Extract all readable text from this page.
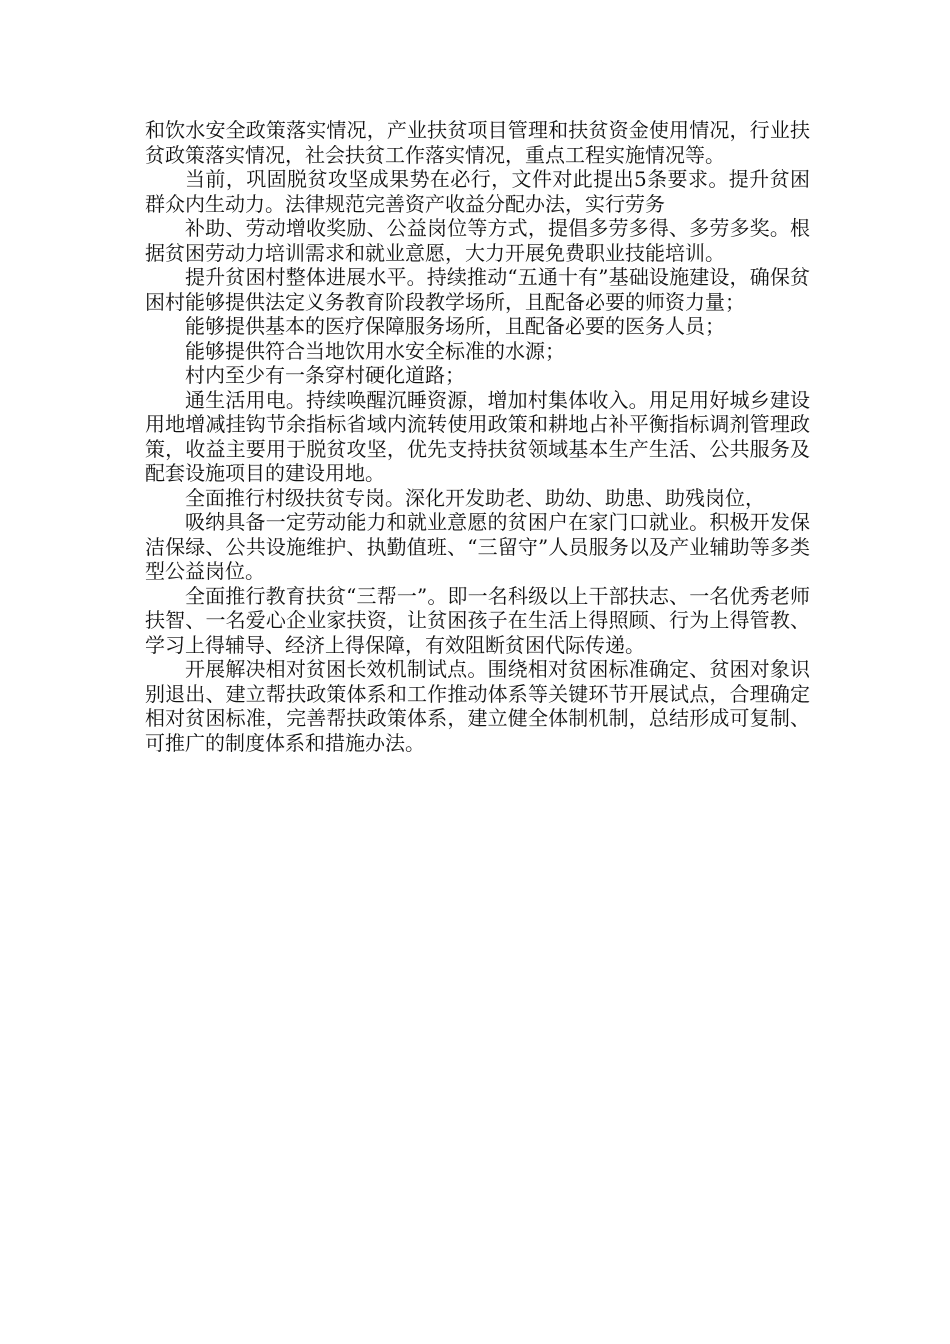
和饮水安全政策落实情况，产业扶贫项目管理和扶贫资金使用情况，行业扶贫政策落实情况，社会扶贫工作落实情况，重点工程实施情况等。

当前，巩固脱贫攻坚成果势在必行，文件对此提出5条要求。提升贫困群众内生动力。法律规范完善资产收益分配办法，实行劳务

补助、劳动增收奖励、公益岗位等方式，提倡多劳多得、多劳多奖。根据贫困劳动力培训需求和就业意愿，大力开展免费职业技能培训。

提升贫困村整体进展水平。持续推动“五通十有”基础设施建设，确保贫困村能够提供法定义务教育阶段教学场所，且配备必要的师资力量；

能够提供基本的医疗保障服务场所，且配备必要的医务人员；

能够提供符合当地饮用水安全标准的水源；

村内至少有一条穿村硬化道路；

通生活用电。持续唤醒沉睡资源，增加村集体收入。用足用好城乡建设用地增减挂钩节余指标省域内流转使用政策和耕地占补平衡指标调剂管理政策，收益主要用于脱贫攻坚，优先支持扶贫领域基本生产生活、公共服务及配套设施项目的建设用地。

全面推行村级扶贫专岗。深化开发助老、助幼、助患、助残岗位，

吸纳具备一定劳动能力和就业意愿的贫困户在家门口就业。积极开发保洁保绿、公共设施维护、执勤值班、“三留守”人员服务以及产业辅助等多类型公益岗位。

全面推行教育扶贫“三帮一”。即一名科级以上干部扶志、一名优秀老师扶智、一名爱心企业家扶资，让贫困孩子在生活上得照顾、行为上得管教、学习上得辅导、经济上得保障，有效阻断贫困代际传递。

开展解决相对贫困长效机制试点。围绕相对贫困标准确定、贫困对象识别退出、建立帮扶政策体系和工作推动体系等关键环节开展试点，合理确定相对贫困标准，完善帮扶政策体系，建立健全体制机制，总结形成可复制、可推广的制度体系和措施办法。
